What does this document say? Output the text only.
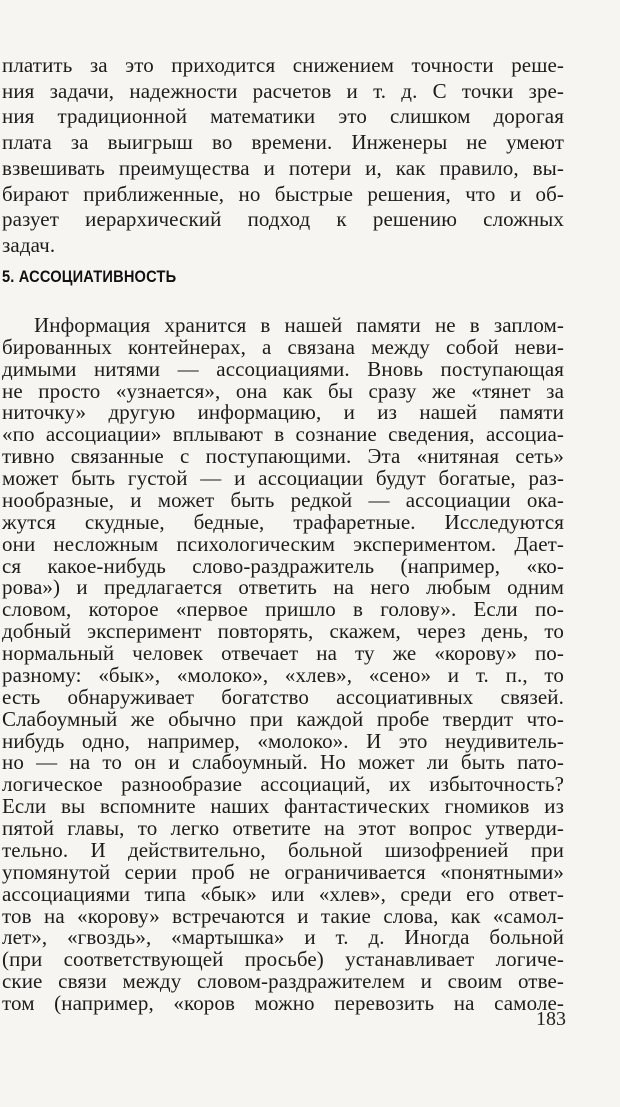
платить за это приходится снижением точности реше-
ния задачи, надежности расчетов и т. д. С точки зре-
ния традиционной математики это слишком дорогая
плата за выигрыш во времени. Инженеры не умеют
взвешивать преимущества и потери и, как правило, вы-
бирают приближенные, но быстрые решения, что и об-
разует иерархический подход к решению сложных
задач.
5. АССОЦИАТИВНОСТЬ
Информация хранится в нашей памяти не в заплом-
бированных контейнерах, а связана между собой неви-
димыми нитями — ассоциациями. Вновь поступающая
не просто «узнается», она как бы сразу же «тянет за
ниточку» другую информацию, и из нашей памяти
«по ассоциации» вплывают в сознание сведения, ассоциа-
тивно связанные с поступающими. Эта «нитяная сеть»
может быть густой — и ассоциации будут богатые, раз-
нообразные, и может быть редкой — ассоциации ока-
жутся скудные, бедные, трафаретные. Исследуются
они несложным психологическим экспериментом. Дает-
ся какое-нибудь слово-раздражитель (например, «ко-
рова») и предлагается ответить на него любым одним
словом, которое «первое пришло в голову». Если по-
добный эксперимент повторять, скажем, через день, то
нормальный человек отвечает на ту же «корову» по-
разному: «бык», «молоко», «хлев», «сено» и т. п., то
есть обнаруживает богатство ассоциативных связей.
Слабоумный же обычно при каждой пробе твердит что-
нибудь одно, например, «молоко». И это неудивитель-
но — на то он и слабоумный. Но может ли быть пато-
логическое разнообразие ассоциаций, их избыточность?
Если вы вспомните наших фантастических гномиков из
пятой главы, то легко ответите на этот вопрос утверди-
тельно. И действительно, больной шизофренией при
упомянутой серии проб не ограничивается «понятными»
ассоциациями типа «бык» или «хлев», среди его ответ-
тов на «корову» встречаются и такие слова, как «самол-
лет», «гвоздь», «мартышка» и т. д. Иногда больной
(при соответствующей просьбе) устанавливает логиче-
ские связи между словом-раздражителем и своим отве-
том (например, «коров можно перевозить на самоле-
183
